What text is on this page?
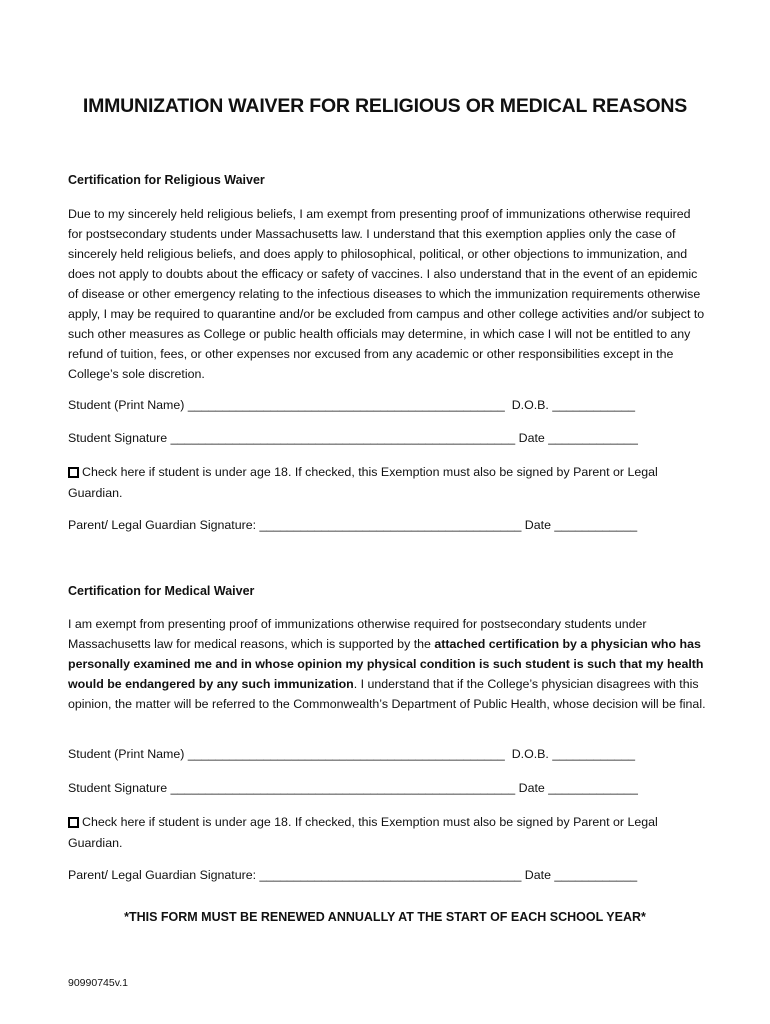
IMMUNIZATION WAIVER FOR RELIGIOUS OR MEDICAL REASONS
Certification for Religious Waiver
Due to my sincerely held religious beliefs, I am exempt from presenting proof of immunizations otherwise required for postsecondary students under Massachusetts law. I understand that this exemption applies only the case of sincerely held religious beliefs, and does apply to philosophical, political, or other objections to immunization, and does not apply to doubts about the efficacy or safety of vaccines. I also understand that in the event of an epidemic of disease or other emergency relating to the infectious diseases to which the immunization requirements otherwise apply, I may be required to quarantine and/or be excluded from campus and other college activities and/or subject to such other measures as College or public health officials may determine, in which case I will not be entitled to any refund of tuition, fees, or other expenses nor excused from any academic or other responsibilities except in the College’s sole discretion.
Student (Print Name) ______________________________________________  D.O.B. ____________
Student Signature __________________________________________________ Date _____________
Check here if student is under age 18. If checked, this Exemption must also be signed by Parent or Legal Guardian.
Parent/ Legal Guardian Signature: ______________________________________ Date ____________
Certification for Medical Waiver
I am exempt from presenting proof of immunizations otherwise required for postsecondary students under Massachusetts law for medical reasons, which is supported by the attached certification by a physician who has personally examined me and in whose opinion my physical condition is such student is such that my health would be endangered by any such immunization. I understand that if the College’s physician disagrees with this opinion, the matter will be referred to the Commonwealth’s Department of Public Health, whose decision will be final.
Student (Print Name) ______________________________________________  D.O.B. ____________
Student Signature __________________________________________________ Date _____________
Check here if student is under age 18. If checked, this Exemption must also be signed by Parent or Legal Guardian.
Parent/ Legal Guardian Signature: ______________________________________ Date ____________
*THIS FORM MUST BE RENEWED ANNUALLY AT THE START OF EACH SCHOOL YEAR*
90990745v.1
